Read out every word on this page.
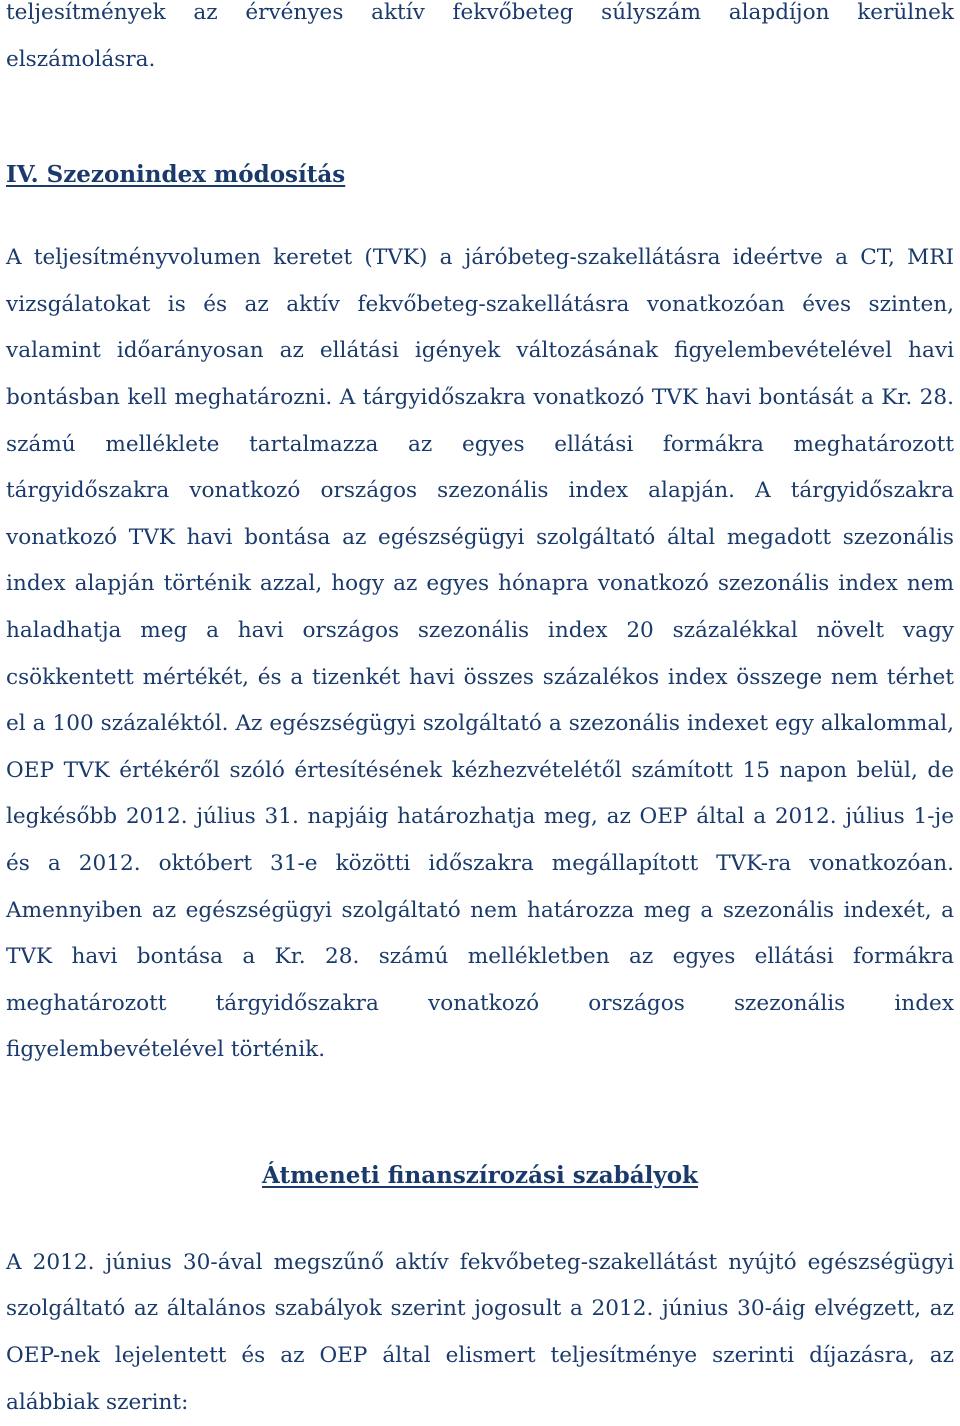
teljesítmények az érvényes aktív fekvőbeteg súlyszám alapdíjon kerülnek elszámolásra.

IV. Szezonindex módosítás

A teljesítményvolumen keretet (TVK) a járóbeteg-szakellátásra ideértve a CT, MRI vizsgálatokat is és az aktív fekvőbeteg-szakellátásra vonatkozóan éves szinten, valamint időarányosan az ellátási igények változásának figyelembevételével havi bontásban kell meghatározni. A tárgyidőszakra vonatkozó TVK havi bontását a Kr. 28. számú melléklete tartalmazza az egyes ellátási formákra meghatározott tárgyidőszakra vonatkozó országos szezonális index alapján. A tárgyidőszakra vonatkozó TVK havi bontása az egészségügyi szolgáltató által megadott szezonális index alapján történik azzal, hogy az egyes hónapra vonatkozó szezonális index nem haladhatja meg a havi országos szezonális index 20 százalékkal növelt vagy csökkentett mértékét, és a tizenkét havi összes százalékos index összege nem térhet el a 100 százaléktól. Az egészségügyi szolgáltató a szezonális indexet egy alkalommal, OEP TVK értékéről szóló értesítésének kézhezvételétől számított 15 napon belül, de legkésőbb 2012. július 31. napjáig határozhatja meg, az OEP által a 2012. július 1-je és a 2012. októbert 31-e közötti időszakra megállapított TVK-ra vonatkozóan. Amennyiben az egészségügyi szolgáltató nem határozza meg a szezonális indexét, a TVK havi bontása a Kr. 28. számú mellékletben az egyes ellátási formákra meghatározott tárgyidőszakra vonatkozó országos szezonális index figyelembevételével történik.

Átmeneti finanszírozási szabályok

A 2012. június 30-ával megszűnő aktív fekvőbeteg-szakellátást nyújtó egészségügyi szolgáltató az általános szabályok szerint jogosult a 2012. június 30-áig elvégzett, az OEP-nek lejelentett és az OEP által elismert teljesítménye szerinti díjazásra, az alábbiak szerint:
